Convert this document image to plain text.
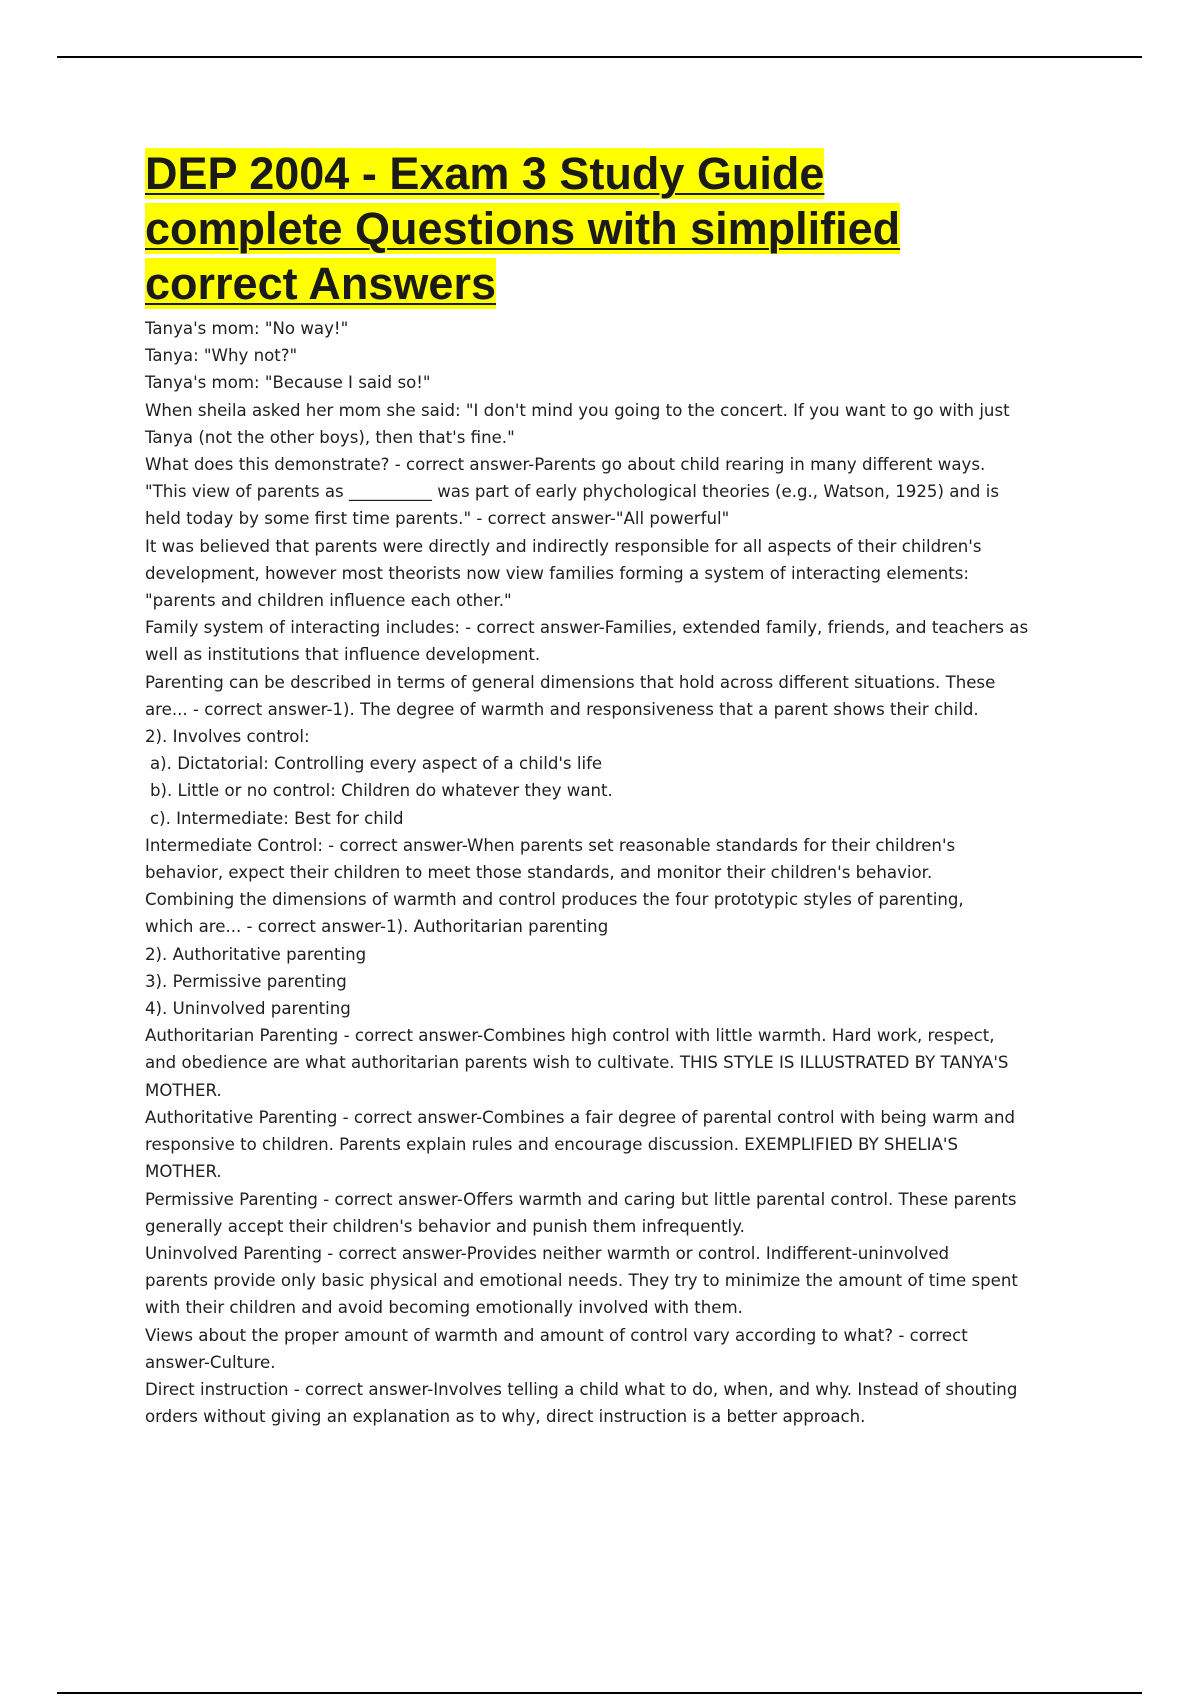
DEP 2004 - Exam 3 Study Guide
complete Questions with simplified
correct Answers
Tanya's mom: "No way!"
Tanya: "Why not?"
Tanya's mom: "Because I said so!"
When sheila asked her mom she said: "I don't mind you going to the concert. If you want to go with just
Tanya (not the other boys), then that's fine."
What does this demonstrate? - correct answer-Parents go about child rearing in many different ways.
"This view of parents as __________ was part of early phychological theories (e.g., Watson, 1925) and is
held today by some first time parents." - correct answer-"All powerful"
It was believed that parents were directly and indirectly responsible for all aspects of their children's
development, however most theorists now view families forming a system of interacting elements:
"parents and children influence each other."
Family system of interacting includes: - correct answer-Families, extended family, friends, and teachers as
well as institutions that influence development.
Parenting can be described in terms of general dimensions that hold across different situations. These
are... - correct answer-1). The degree of warmth and responsiveness that a parent shows their child.
2). Involves control:
a). Dictatorial: Controlling every aspect of a child's life
b). Little or no control: Children do whatever they want.
c). Intermediate: Best for child
Intermediate Control: - correct answer-When parents set reasonable standards for their children's
behavior, expect their children to meet those standards, and monitor their children's behavior.
Combining the dimensions of warmth and control produces the four prototypic styles of parenting,
which are... - correct answer-1). Authoritarian parenting
2). Authoritative parenting
3). Permissive parenting
4). Uninvolved parenting
Authoritarian Parenting - correct answer-Combines high control with little warmth. Hard work, respect,
and obedience are what authoritarian parents wish to cultivate. THIS STYLE IS ILLUSTRATED BY TANYA'S
MOTHER.
Authoritative Parenting - correct answer-Combines a fair degree of parental control with being warm and
responsive to children. Parents explain rules and encourage discussion. EXEMPLIFIED BY SHELIA'S
MOTHER.
Permissive Parenting - correct answer-Offers warmth and caring but little parental control. These parents
generally accept their children's behavior and punish them infrequently.
Uninvolved Parenting - correct answer-Provides neither warmth or control. Indifferent-uninvolved
parents provide only basic physical and emotional needs. They try to minimize the amount of time spent
with their children and avoid becoming emotionally involved with them.
Views about the proper amount of warmth and amount of control vary according to what? - correct
answer-Culture.
Direct instruction - correct answer-Involves telling a child what to do, when, and why. Instead of shouting
orders without giving an explanation as to why, direct instruction is a better approach.
